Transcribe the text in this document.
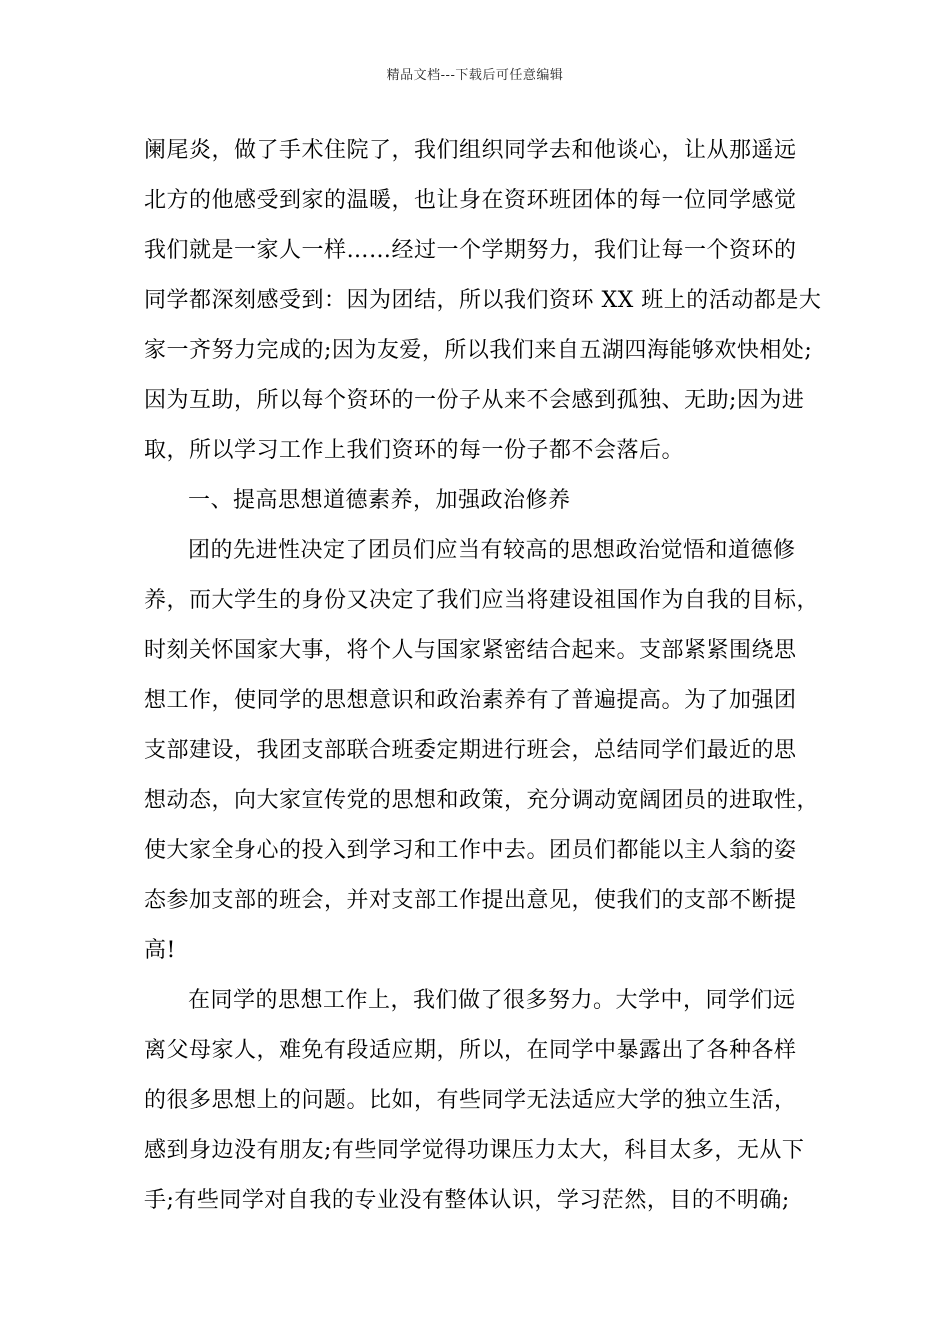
精品文档---下载后可任意编辑
阑尾炎，做了手术住院了，我们组织同学去和他谈心，让从那遥远
北方的他感受到家的温暖，也让身在资环班团体的每一位同学感觉
我们就是一家人一样……经过一个学期努力，我们让每一个资环的
同学都深刻感受到：因为团结，所以我们资环 XX 班上的活动都是大
家一齐努力完成的;因为友爱，所以我们来自五湖四海能够欢快相处;
因为互助，所以每个资环的一份子从来不会感到孤独、无助;因为进
取，所以学习工作上我们资环的每一份子都不会落后。
一、提高思想道德素养，加强政治修养
团的先进性决定了团员们应当有较高的思想政治觉悟和道德修
养，而大学生的身份又决定了我们应当将建设祖国作为自我的目标，
时刻关怀国家大事，将个人与国家紧密结合起来。支部紧紧围绕思
想工作，使同学的思想意识和政治素养有了普遍提高。为了加强团
支部建设，我团支部联合班委定期进行班会，总结同学们最近的思
想动态，向大家宣传党的思想和政策，充分调动宽阔团员的进取性，
使大家全身心的投入到学习和工作中去。团员们都能以主人翁的姿
态参加支部的班会，并对支部工作提出意见，使我们的支部不断提
高!
在同学的思想工作上，我们做了很多努力。大学中，同学们远
离父母家人，难免有段适应期，所以，在同学中暴露出了各种各样
的很多思想上的问题。比如，有些同学无法适应大学的独立生活，
感到身边没有朋友;有些同学觉得功课压力太大，科目太多，无从下
手;有些同学对自我的专业没有整体认识，学习茫然，目的不明确;
